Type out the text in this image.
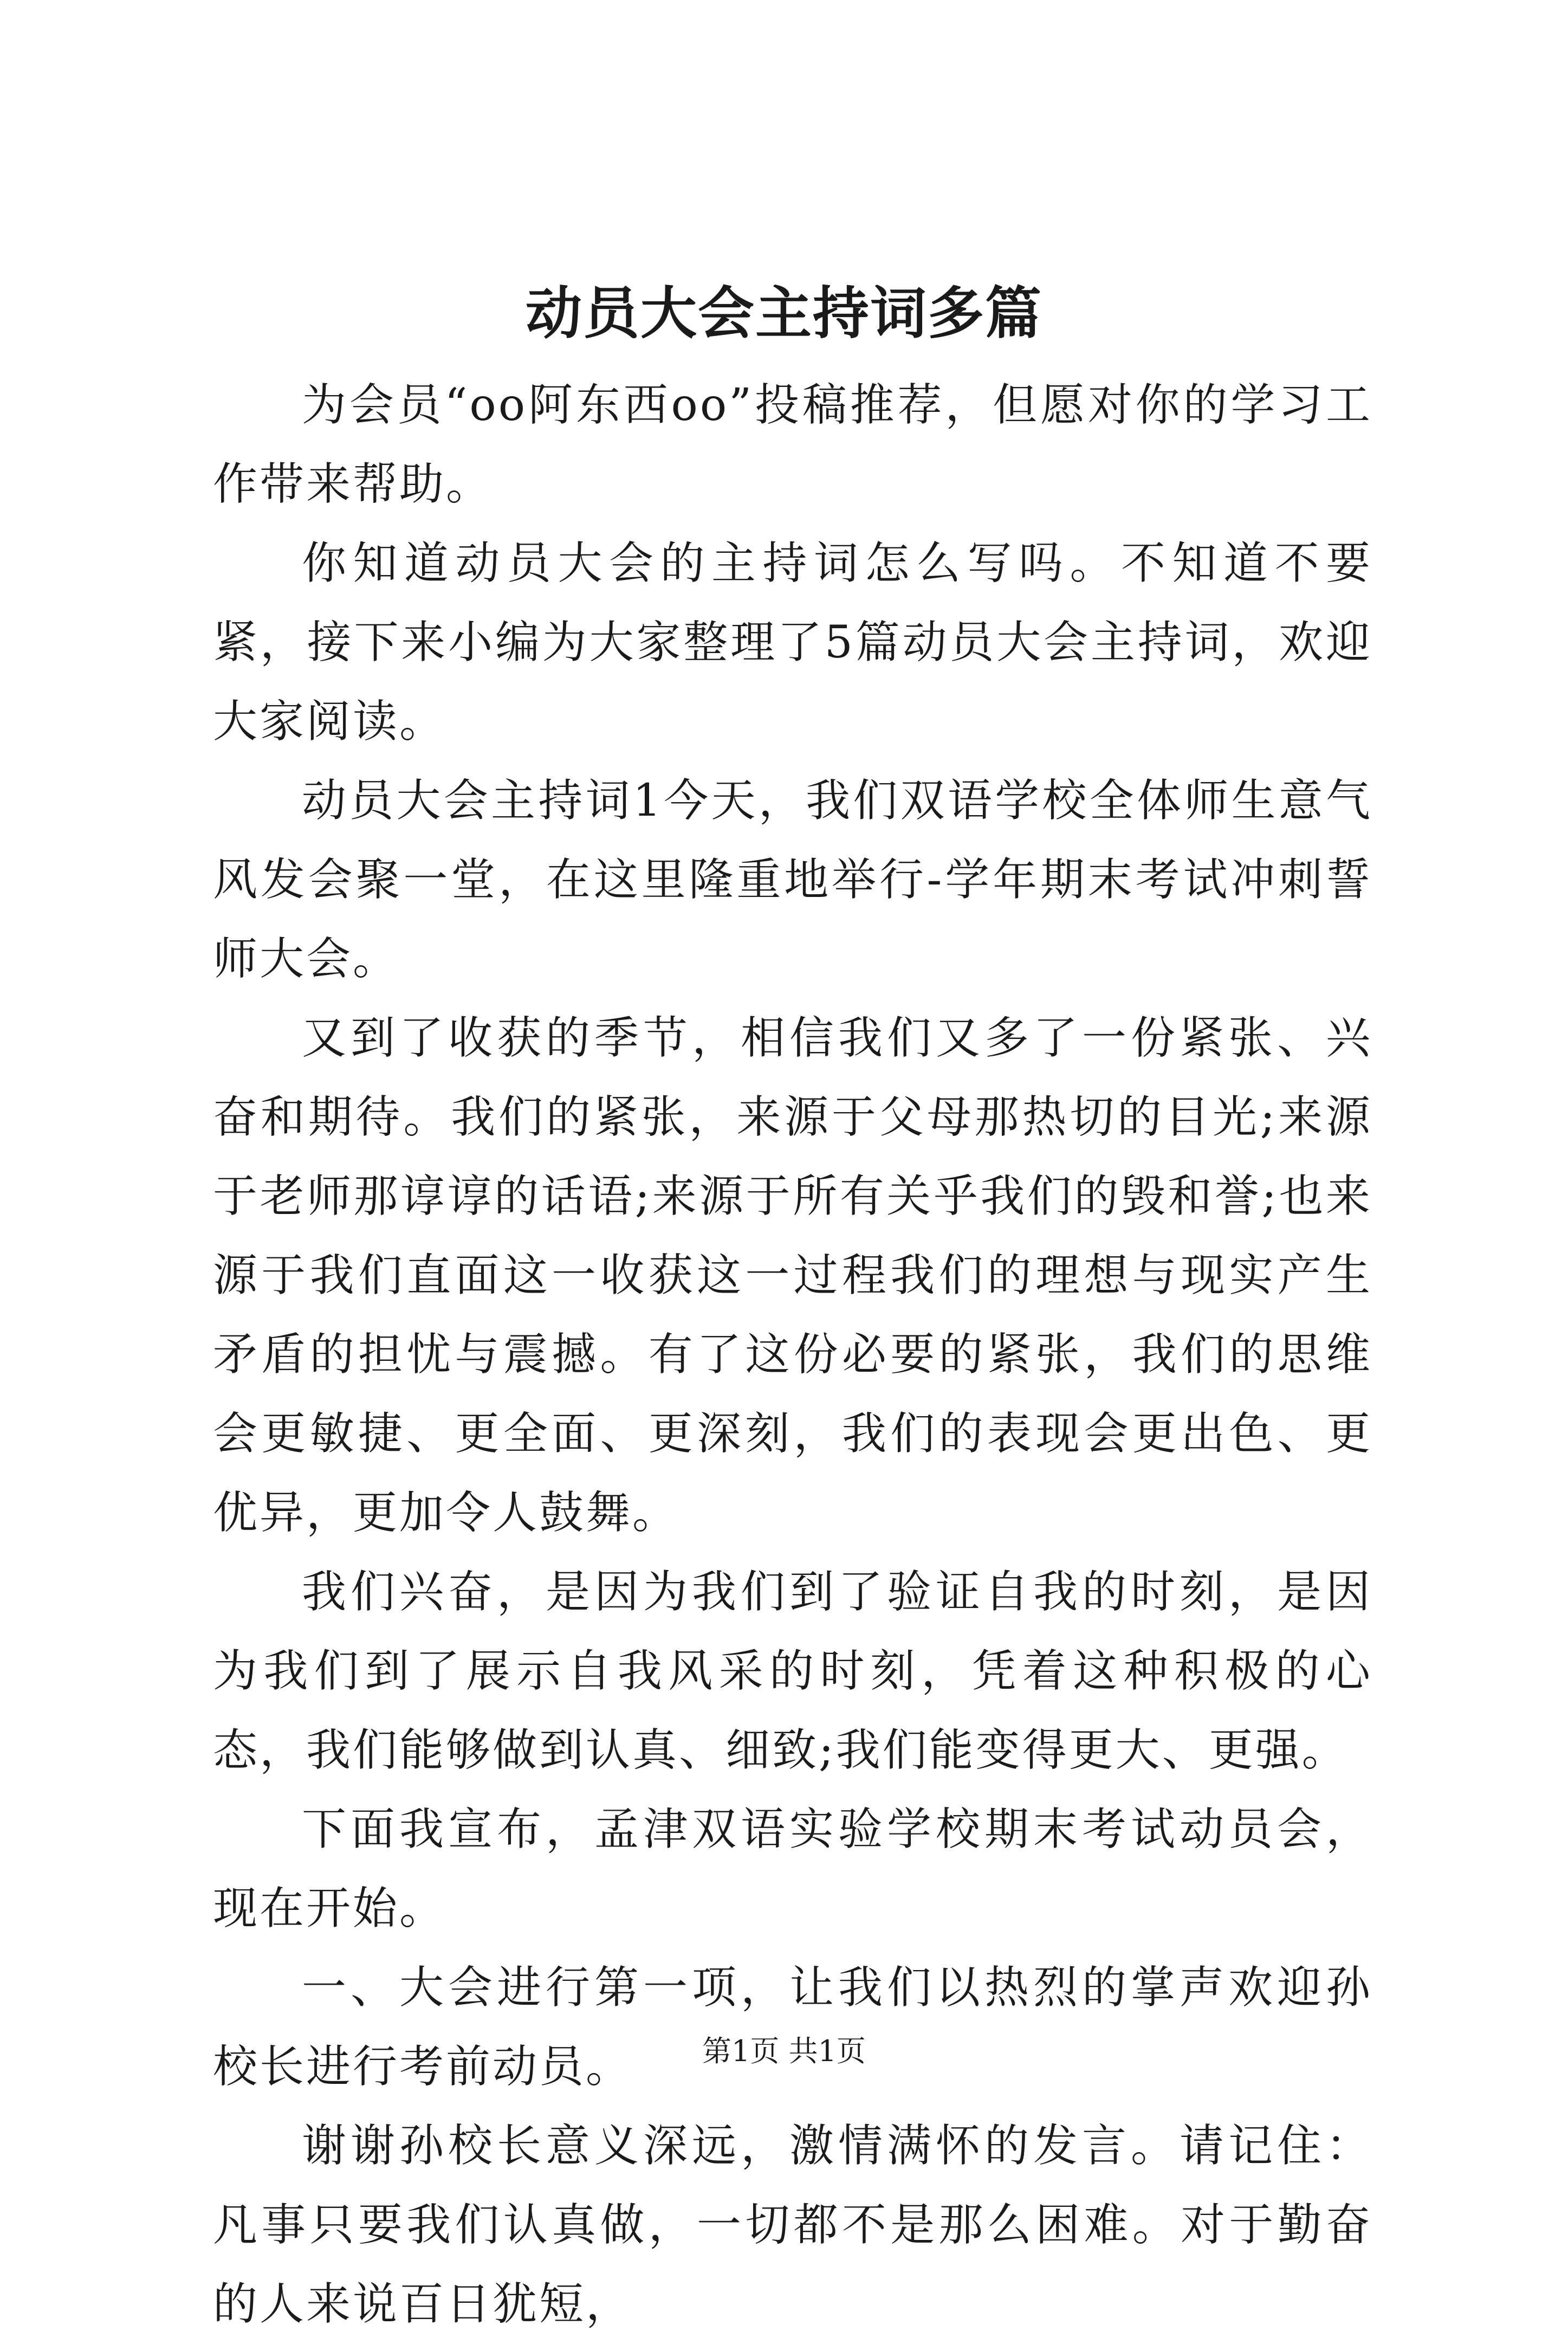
动员大会主持词多篇

为会员“oo阿东西oo”投稿推荐，但愿对你的学习工作带来帮助。

你知道动员大会的主持词怎么写吗。不知道不要紧，接下来小编为大家整理了5篇动员大会主持词，欢迎大家阅读。

动员大会主持词1今天，我们双语学校全体师生意气风发会聚一堂，在这里隆重地举行-学年期末考试冲刺誓师大会。

又到了收获的季节，相信我们又多了一份紧张、兴奋和期待。我们的紧张，来源于父母那热切的目光;来源于老师那谆谆的话语;来源于所有关乎我们的毁和誉;也来源于我们直面这一收获这一过程我们的理想与现实产生矛盾的担忧与震撼。有了这份必要的紧张，我们的思维会更敏捷、更全面、更深刻，我们的表现会更出色、更优异，更加令人鼓舞。

我们兴奋，是因为我们到了验证自我的时刻，是因为我们到了展示自我风采的时刻，凭着这种积极的心态，我们能够做到认真、细致;我们能变得更大、更强。

下面我宣布，孟津双语实验学校期末考试动员会，现在开始。

一、大会进行第一项，让我们以热烈的掌声欢迎孙校长进行考前动员。

谢谢孙校长意义深远，激情满怀的发言。请记住：凡事只要我们认真做，一切都不是那么困难。对于勤奋的人来说百日犹短，

第1页 共1页
